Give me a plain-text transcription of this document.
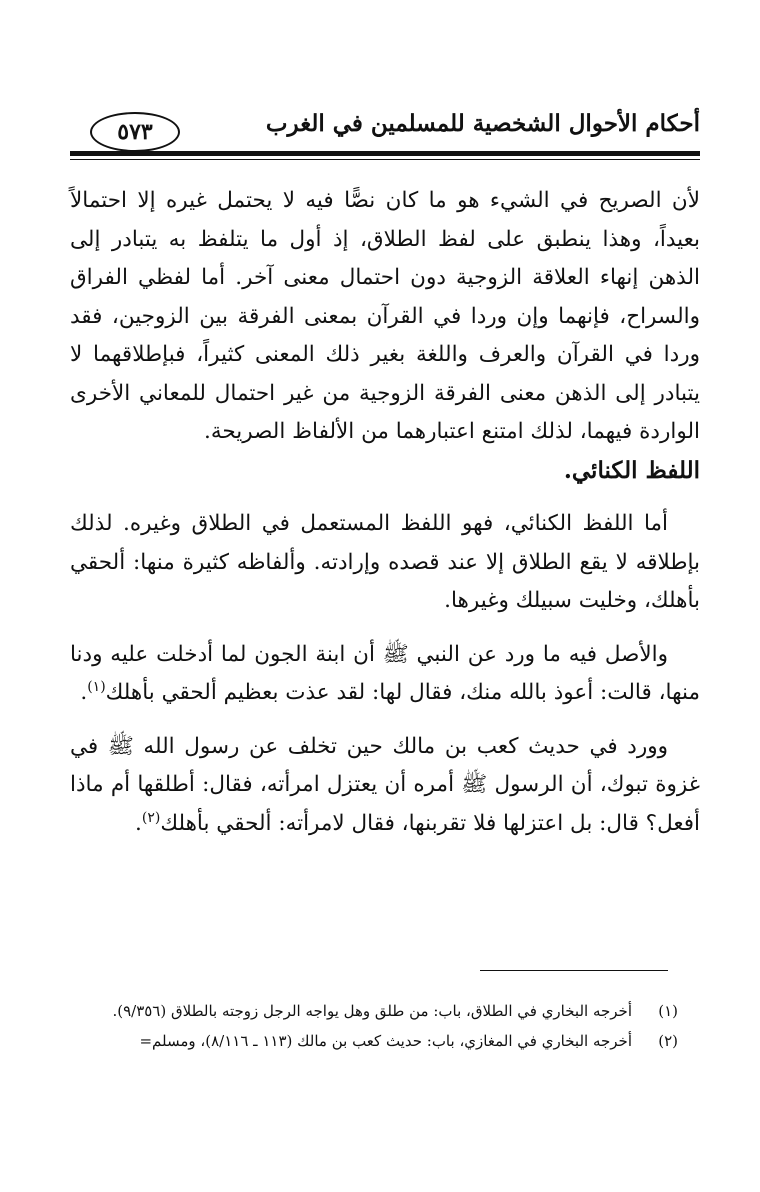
أحكام الأحوال الشخصية للمسلمين في الغرب
٥٧٣

لأن الصريح في الشيء هو ما كان نصًّا فيه لا يحتمل غيره إلا احتمالاً بعيداً، وهذا ينطبق على لفظ الطلاق، إذ أول ما يتلفظ به يتبادر إلى الذهن إنهاء العلاقة الزوجية دون احتمال معنى آخر. أما لفظي الفراق والسراح، فإنهما وإن وردا في القرآن بمعنى الفرقة بين الزوجين، فقد وردا في القرآن والعرف واللغة بغير ذلك المعنى كثيراً، فبإطلاقهما لا يتبادر إلى الذهن معنى الفرقة الزوجية من غير احتمال للمعاني الأخرى الواردة فيهما، لذلك امتنع اعتبارهما من الألفاظ الصريحة.

اللفظ الكنائي.

أما اللفظ الكنائي، فهو اللفظ المستعمل في الطلاق وغيره. لذلك بإطلاقه لا يقع الطلاق إلا عند قصده وإرادته. وألفاظه كثيرة منها: ألحقي بأهلك، وخليت سبيلك وغيرها.

والأصل فيه ما ورد عن النبي ﷺ أن ابنة الجون لما أدخلت عليه ودنا منها، قالت: أعوذ بالله منك، فقال لها: لقد عذت بعظيم ألحقي بأهلك$^{(١)}$.

وورد في حديث كعب بن مالك حين تخلف عن رسول الله ﷺ في غزوة تبوك، أن الرسول ﷺ أمره أن يعتزل امرأته، فقال: أطلقها أم ماذا أفعل؟ قال: بل اعتزلها فلا تقربنها، فقال لامرأته: ألحقي بأهلك$^{(٢)}$.

(١)
أخرجه البخاري في الطلاق، باب: من طلق وهل يواجه الرجل زوجته بالطلاق (٩/٣٥٦).
(٢)
أخرجه البخاري في المغازي، باب: حديث كعب بن مالك (١١٣ ـ ٨/١١٦)، ومسلم=
